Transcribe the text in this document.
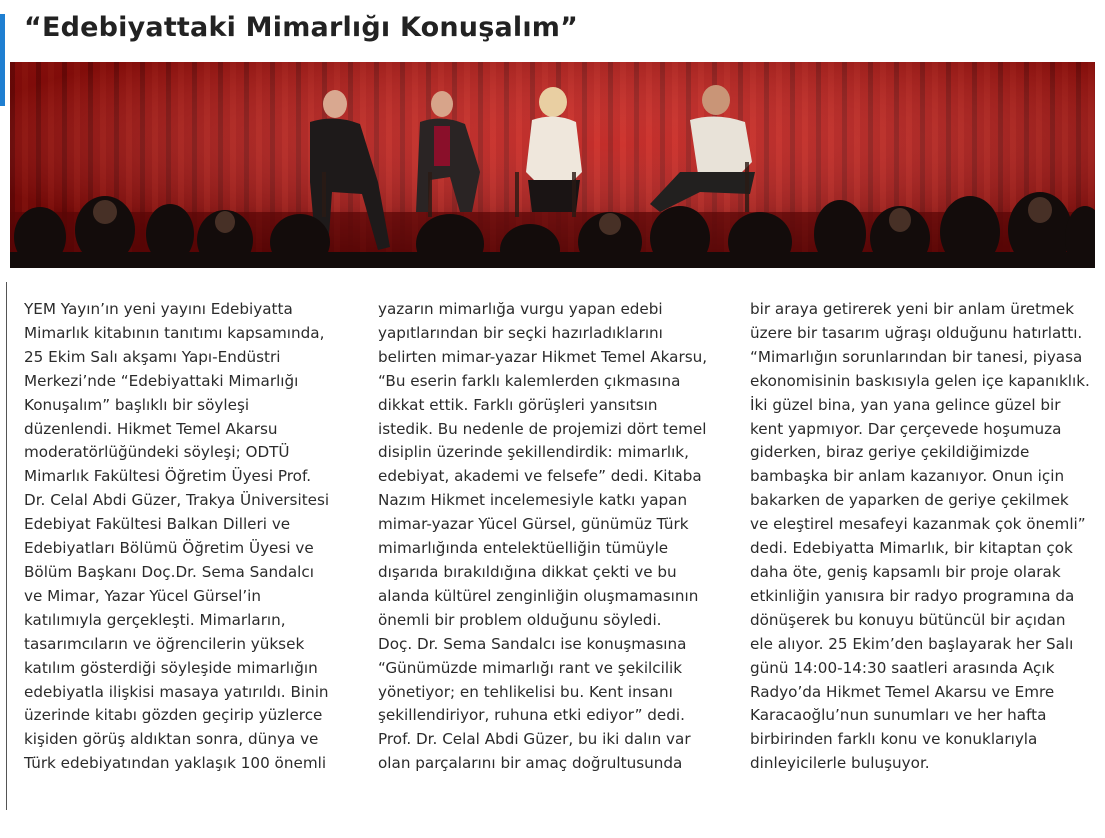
“Edebiyattaki Mimarlığı Konuşalım”
YEM Yayın’ın yeni yayını Edebiyatta
Mimarlık kitabının tanıtımı kapsamında,
25 Ekim Salı akşamı Yapı-Endüstri
Merkezi’nde “Edebiyattaki Mimarlığı
Konuşalım” başlıklı bir söyleşi
düzenlendi. Hikmet Temel Akarsu
moderatörlüğündeki söyleşi; ODTÜ
Mimarlık Fakültesi Öğretim Üyesi Prof.
Dr. Celal Abdi Güzer, Trakya Üniversitesi
Edebiyat Fakültesi Balkan Dilleri ve
Edebiyatları Bölümü Öğretim Üyesi ve
Bölüm Başkanı Doç.Dr. Sema Sandalcı
ve Mimar, Yazar Yücel Gürsel’in
katılımıyla gerçekleşti. Mimarların,
tasarımcıların ve öğrencilerin yüksek
katılım gösterdiği söyleşide mimarlığın
edebiyatla ilişkisi masaya yatırıldı. Binin
üzerinde kitabı gözden geçirip yüzlerce
kişiden görüş aldıktan sonra, dünya ve
Türk edebiyatından yaklaşık 100 önemli
yazarın mimarlığa vurgu yapan edebi
yapıtlarından bir seçki hazırladıklarını
belirten mimar-yazar Hikmet Temel Akarsu,
“Bu eserin farklı kalemlerden çıkmasına
dikkat ettik. Farklı görüşleri yansıtsın
istedik. Bu nedenle de projemizi dört temel
disiplin üzerinde şekillendirdik: mimarlık,
edebiyat, akademi ve felsefe” dedi. Kitaba
Nazım Hikmet incelemesiyle katkı yapan
mimar-yazar Yücel Gürsel, günümüz Türk
mimarlığında entelektüelliğin tümüyle
dışarıda bırakıldığına dikkat çekti ve bu
alanda kültürel zenginliğin oluşmamasının
önemli bir problem olduğunu söyledi.
Doç. Dr. Sema Sandalcı ise konuşmasına
“Günümüzde mimarlığı rant ve şekilcilik
yönetiyor; en tehlikelisi bu. Kent insanı
şekillendiriyor, ruhuna etki ediyor” dedi.
Prof. Dr. Celal Abdi Güzer, bu iki dalın var
olan parçalarını bir amaç doğrultusunda
bir araya getirerek yeni bir anlam üretmek
üzere bir tasarım uğraşı olduğunu hatırlattı.
“Mimarlığın sorunlarından bir tanesi, piyasa
ekonomisinin baskısıyla gelen içe kapanıklık.
İki güzel bina, yan yana gelince güzel bir
kent yapmıyor. Dar çerçevede hoşumuza
giderken, biraz geriye çekildiğimizde
bambaşka bir anlam kazanıyor. Onun için
bakarken de yaparken de geriye çekilmek
ve eleştirel mesafeyi kazanmak çok önemli”
dedi. Edebiyatta Mimarlık, bir kitaptan çok
daha öte, geniş kapsamlı bir proje olarak
etkinliğin yanısıra bir radyo programına da
dönüşerek bu konuyu bütüncül bir açıdan
ele alıyor. 25 Ekim’den başlayarak her Salı
günü 14:00-14:30 saatleri arasında Açık
Radyo’da Hikmet Temel Akarsu ve Emre
Karacaoğlu’nun sunumları ve her hafta
birbirinden farklı konu ve konuklarıyla
dinleyicilerle buluşuyor.
